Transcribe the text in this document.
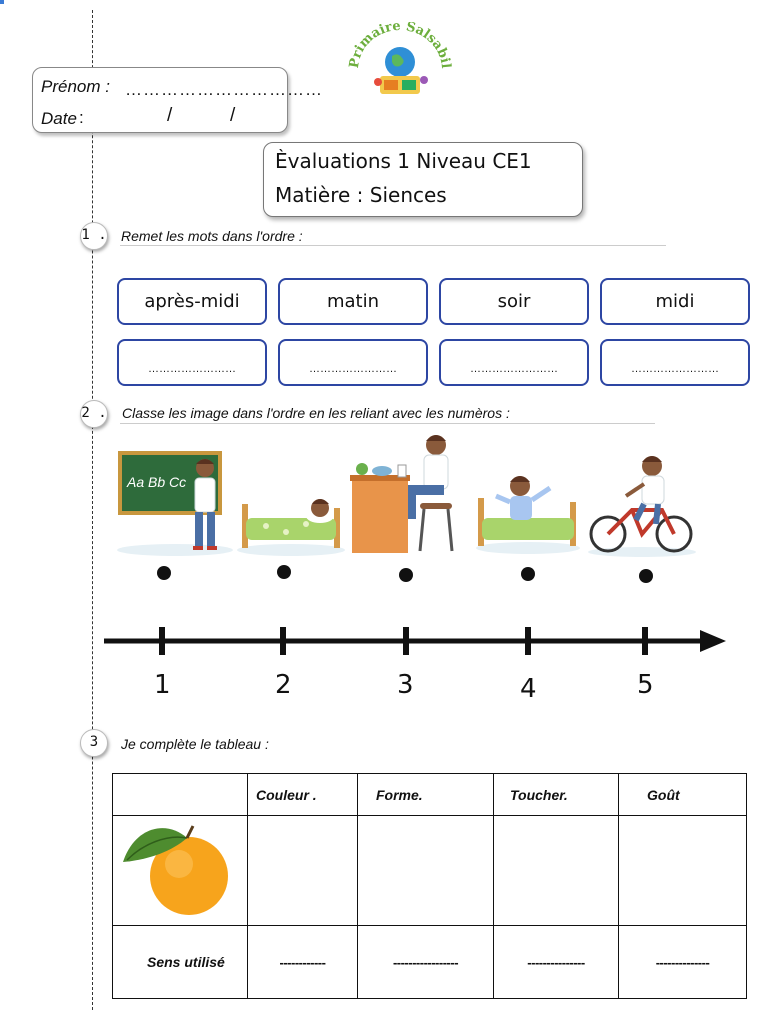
Prénom : ……………………………
Date :	/	/
Primaire Salsabil
Èvaluations 1 Niveau CE1
Matière : Siences
1 . Remet les mots dans l'ordre :
après-midi	matin	soir	midi
……………………	……………………	……………………	……………………
2 . Classe les image dans l'ordre en les reliant avec les numèros :
Aa Bb Cc
1	2	3	4	5
3	Je complète le tableau :
	Couleur .	Forme.	Toucher.	Goût

Sens utilisé	------------	-----------------	---------------	--------------
